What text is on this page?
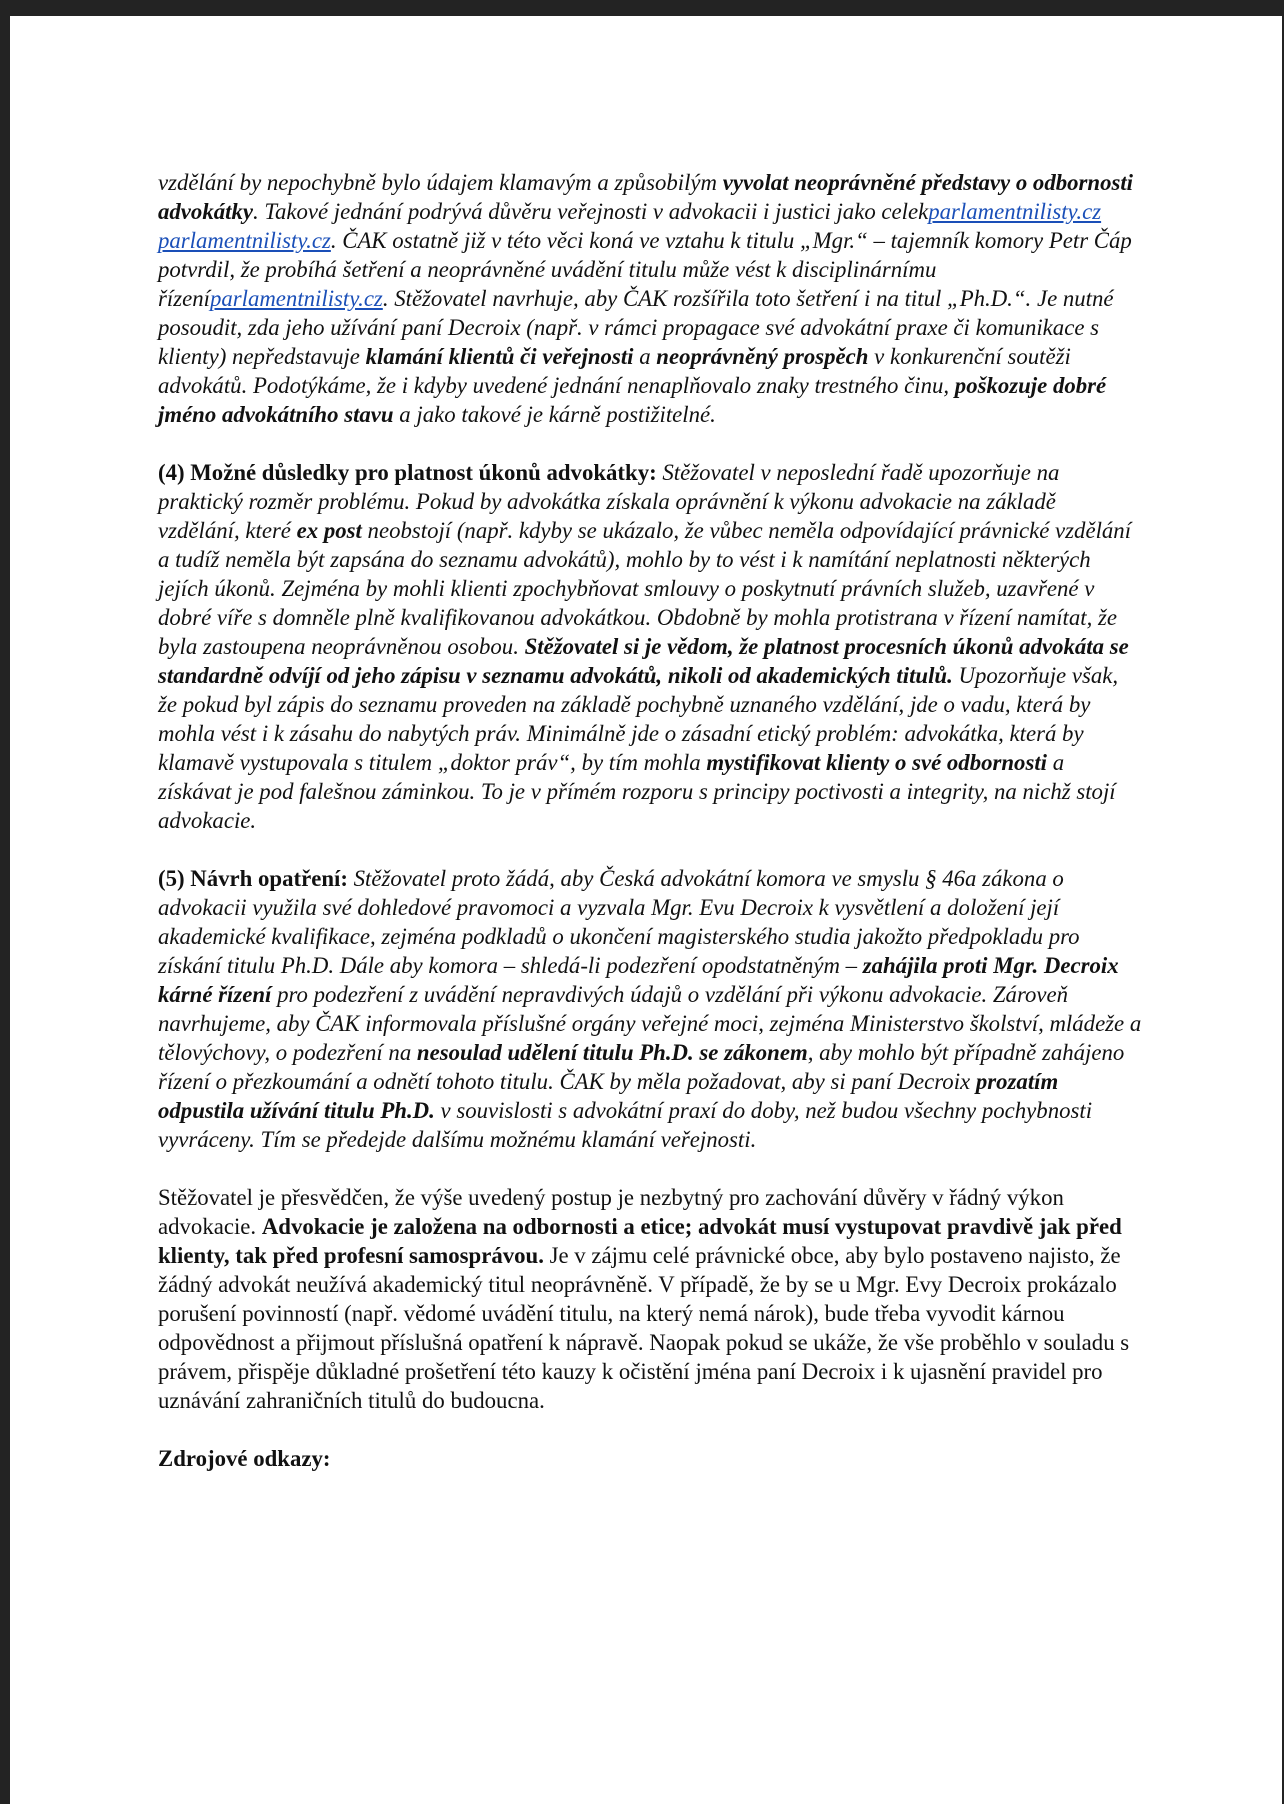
vzdělání by nepochybně bylo údajem klamavým a způsobilým vyvolat neoprávněné představy o odbornosti advokátky. Takové jednání podrývá důvěru veřejnosti v advokacii i justici jako celekparlamentnilisty.cz parlamentnilisty.cz. ČAK ostatně již v této věci koná ve vztahu k titulu „Mgr.“ – tajemník komory Petr Čáp potvrdil, že probíhá šetření a neoprávněné uvádění titulu může vést k disciplinárnímu řízeníparlamentnilisty.cz. Stěžovatel navrhuje, aby ČAK rozšířila toto šetření i na titul „Ph.D.“. Je nutné posoudit, zda jeho užívání paní Decroix (např. v rámci propagace své advokátní praxe či komunikace s klienty) nepředstavuje klamání klientů či veřejnosti a neoprávněný prospěch v konkurenční soutěži advokátů. Podotýkáme, že i kdyby uvedené jednání nenaplňovalo znaky trestného činu, poškozuje dobré jméno advokátního stavu a jako takové je kárně postižitelné.

(4) Možné důsledky pro platnost úkonů advokátky: Stěžovatel v neposlední řadě upozorňuje na praktický rozměr problému. Pokud by advokátka získala oprávnění k výkonu advokacie na základě vzdělání, které ex post neobstojí (např. kdyby se ukázalo, že vůbec neměla odpovídající právnické vzdělání a tudíž neměla být zapsána do seznamu advokátů), mohlo by to vést i k namítání neplatnosti některých jejích úkonů. Zejména by mohli klienti zpochybňovat smlouvy o poskytnutí právních služeb, uzavřené v dobré víře s domněle plně kvalifikovanou advokátkou. Obdobně by mohla protistrana v řízení namítat, že byla zastoupena neoprávněnou osobou. Stěžovatel si je vědom, že platnost procesních úkonů advokáta se standardně odvíjí od jeho zápisu v seznamu advokátů, nikoli od akademických titulů. Upozorňuje však, že pokud byl zápis do seznamu proveden na základě pochybně uznaného vzdělání, jde o vadu, která by mohla vést i k zásahu do nabytých práv. Minimálně jde o zásadní etický problém: advokátka, která by klamavě vystupovala s titulem „doktor práv“, by tím mohla mystifikovat klienty o své odbornosti a získávat je pod falešnou záminkou. To je v přímém rozporu s principy poctivosti a integrity, na nichž stojí advokacie.

(5) Návrh opatření: Stěžovatel proto žádá, aby Česká advokátní komora ve smyslu § 46a zákona o advokacii využila své dohledové pravomoci a vyzvala Mgr. Evu Decroix k vysvětlení a doložení její akademické kvalifikace, zejména podkladů o ukončení magisterského studia jakožto předpokladu pro získání titulu Ph.D. Dále aby komora – shledá-li podezření opodstatněným – zahájila proti Mgr. Decroix kárné řízení pro podezření z uvádění nepravdivých údajů o vzdělání při výkonu advokacie. Zároveň navrhujeme, aby ČAK informovala příslušné orgány veřejné moci, zejména Ministerstvo školství, mládeže a tělovýchovy, o podezření na nesoulad udělení titulu Ph.D. se zákonem, aby mohlo být případně zahájeno řízení o přezkoumání a odnětí tohoto titulu. ČAK by měla požadovat, aby si paní Decroix prozatím odpustila užívání titulu Ph.D. v souvislosti s advokátní praxí do doby, než budou všechny pochybnosti vyvráceny. Tím se předejde dalšímu možnému klamání veřejnosti.

Stěžovatel je přesvědčen, že výše uvedený postup je nezbytný pro zachování důvěry v řádný výkon advokacie. Advokacie je založena na odbornosti a etice; advokát musí vystupovat pravdivě jak před klienty, tak před profesní samosprávou. Je v zájmu celé právnické obce, aby bylo postaveno najisto, že žádný advokát neužívá akademický titul neoprávněně. V případě, že by se u Mgr. Evy Decroix prokázalo porušení povinností (např. vědomé uvádění titulu, na který nemá nárok), bude třeba vyvodit kárnou odpovědnost a přijmout příslušná opatření k nápravě. Naopak pokud se ukáže, že vše proběhlo v souladu s právem, přispěje důkladné prošetření této kauzy k očistění jména paní Decroix i k ujasnění pravidel pro uznávání zahraničních titulů do budoucna.

Zdrojové odkazy:
